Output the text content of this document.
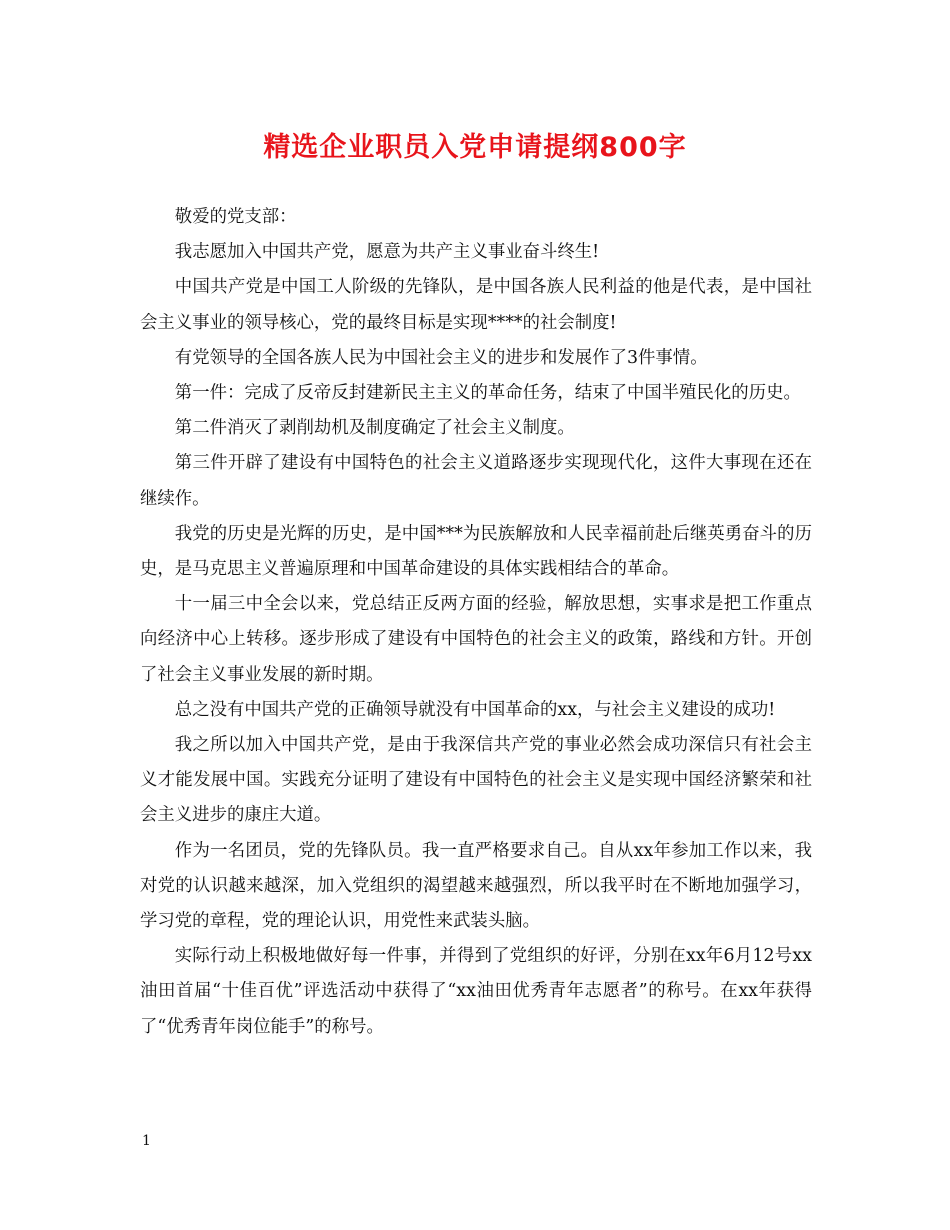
精选企业职员入党申请提纲800字

敬爱的党支部：

我志愿加入中国共产党，愿意为共产主义事业奋斗终生!

中国共产党是中国工人阶级的先锋队，是中国各族人民利益的他是代表，是中国社会主义事业的领导核心，党的最终目标是实现****的社会制度!

有党领导的全国各族人民为中国社会主义的进步和发展作了3件事情。

第一件：完成了反帝反封建新民主主义的革命任务，结束了中国半殖民化的历史。

第二件消灭了剥削劫机及制度确定了社会主义制度。

第三件开辟了建设有中国特色的社会主义道路逐步实现现代化，这件大事现在还在继续作。

我党的历史是光辉的历史，是中国***为民族解放和人民幸福前赴后继英勇奋斗的历史，是马克思主义普遍原理和中国革命建设的具体实践相结合的革命。

十一届三中全会以来，党总结正反两方面的经验，解放思想，实事求是把工作重点向经济中心上转移。逐步形成了建设有中国特色的社会主义的政策，路线和方针。开创了社会主义事业发展的新时期。

总之没有中国共产党的正确领导就没有中国革命的xx，与社会主义建设的成功!

我之所以加入中国共产党，是由于我深信共产党的事业必然会成功深信只有社会主义才能发展中国。实践充分证明了建设有中国特色的社会主义是实现中国经济繁荣和社会主义进步的康庄大道。

作为一名团员，党的先锋队员。我一直严格要求自己。自从xx年参加工作以来，我对党的认识越来越深，加入党组织的渴望越来越强烈，所以我平时在不断地加强学习，学习党的章程，党的理论认识，用党性来武装头脑。

实际行动上积极地做好每一件事，并得到了党组织的好评，分别在xx年6月12号xx油田首届“十佳百优”评选活动中获得了“xx油田优秀青年志愿者”的称号。在xx年获得了“优秀青年岗位能手”的称号。

1
